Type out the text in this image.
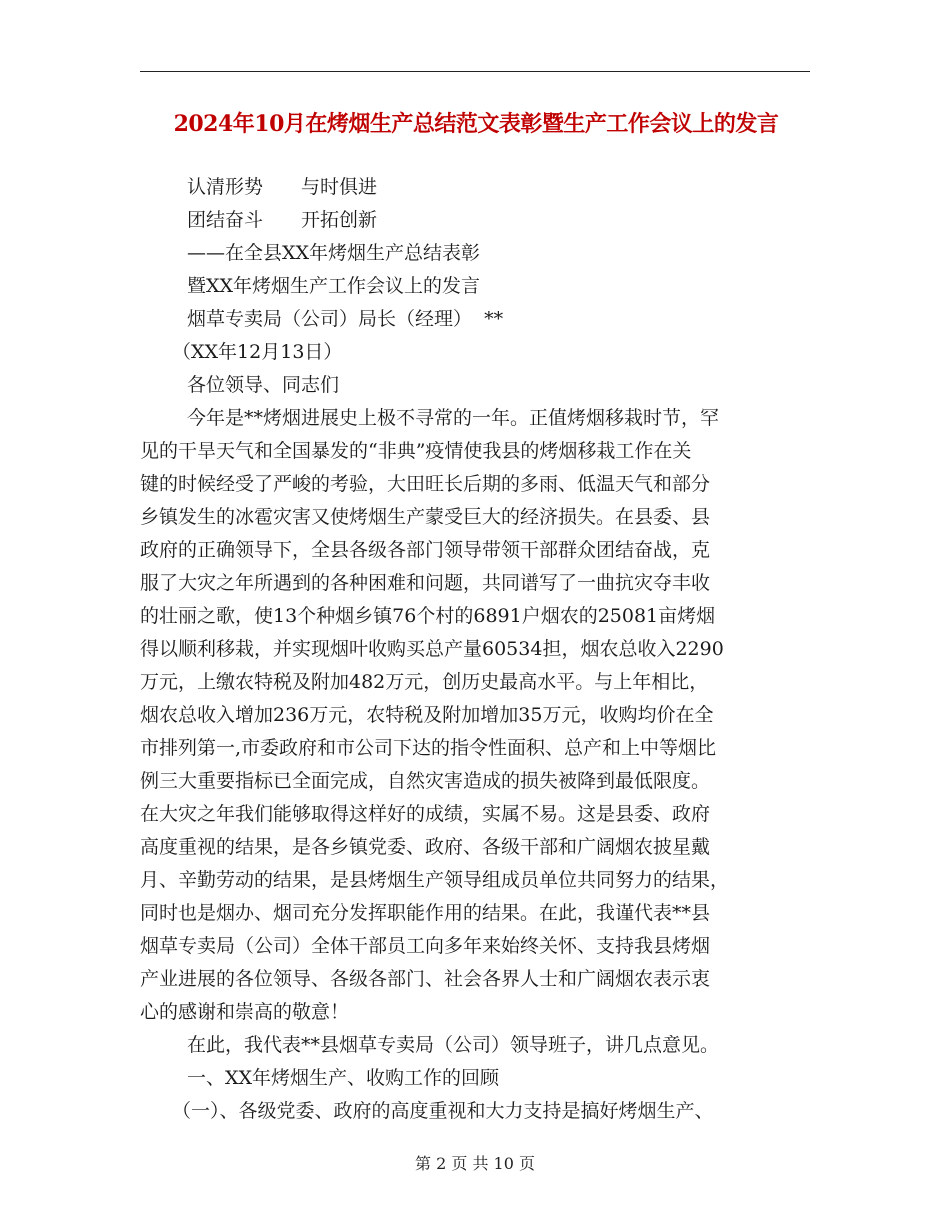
2024年10月在烤烟生产总结范文表彰暨生产工作会议上的发言
认清形势 与时俱进
团结奋斗 开拓创新
——在全县XX年烤烟生产总结表彰
暨XX年烤烟生产工作会议上的发言
烟草专卖局（公司）局长（经理）  **
（XX年12月13日）
各位领导、同志们
今年是**烤烟进展史上极不寻常的一年。正值烤烟移栽时节，罕
见的干旱天气和全国暴发的“非典”疫情使我县的烤烟移栽工作在关
键的时候经受了严峻的考验，大田旺长后期的多雨、低温天气和部分
乡镇发生的冰雹灾害又使烤烟生产蒙受巨大的经济损失。在县委、县
政府的正确领导下，全县各级各部门领导带领干部群众团结奋战，克
服了大灾之年所遇到的各种困难和问题，共同谱写了一曲抗灾夺丰收
的壮丽之歌，使13个种烟乡镇76个村的6891户烟农的25081亩烤烟
得以顺利移栽，并实现烟叶收购买总产量60534担，烟农总收入2290
万元，上缴农特税及附加482万元，创历史最高水平。与上年相比，
烟农总收入增加236万元，农特税及附加增加35万元，收购均价在全
市排列第一,市委政府和市公司下达的指令性面积、总产和上中等烟比
例三大重要指标已全面完成，自然灾害造成的损失被降到最低限度。
在大灾之年我们能够取得这样好的成绩，实属不易。这是县委、政府
高度重视的结果，是各乡镇党委、政府、各级干部和广阔烟农披星戴
月、辛勤劳动的结果，是县烤烟生产领导组成员单位共同努力的结果，
同时也是烟办、烟司充分发挥职能作用的结果。在此，我谨代表**县
烟草专卖局（公司）全体干部员工向多年来始终关怀、支持我县烤烟
产业进展的各位领导、各级各部门、社会各界人士和广阔烟农表示衷
心的感谢和崇高的敬意！
在此，我代表**县烟草专卖局（公司）领导班子，讲几点意见。
一、XX年烤烟生产、收购工作的回顾
（一）、各级党委、政府的高度重视和大力支持是搞好烤烟生产、
第 2 页 共 10 页
